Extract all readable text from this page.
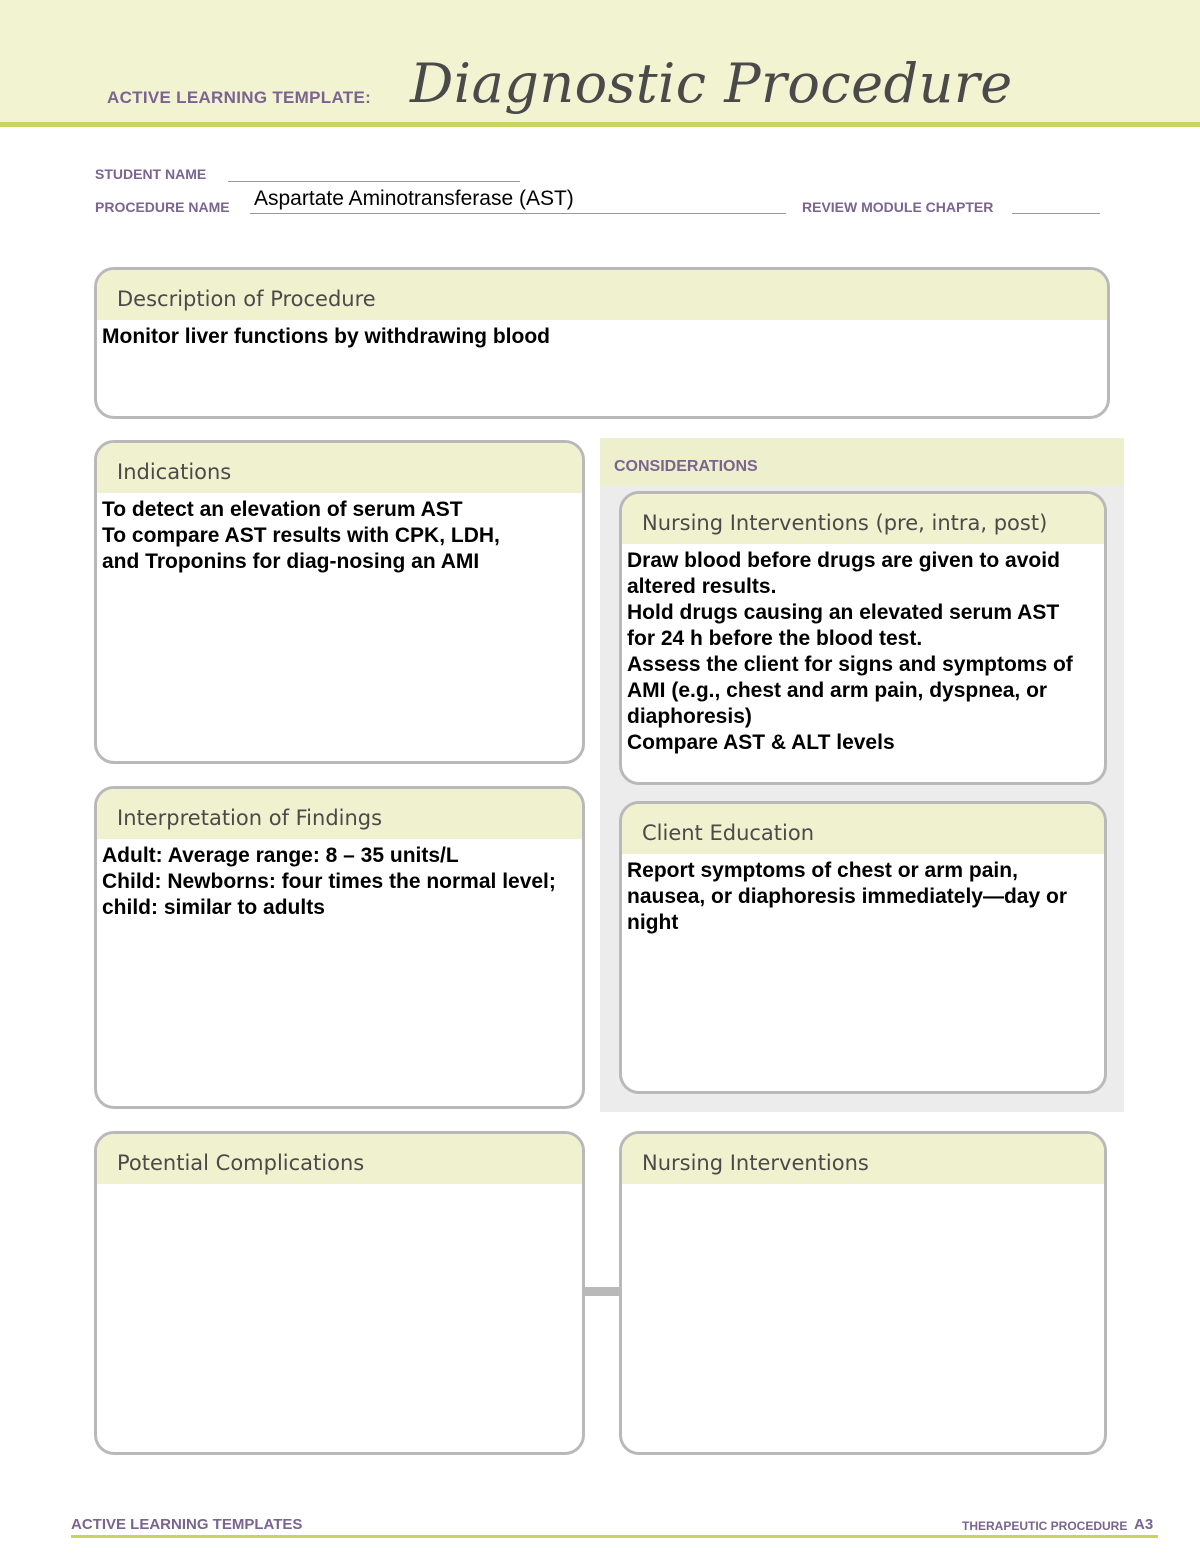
ACTIVE LEARNING TEMPLATE: Diagnostic Procedure
STUDENT NAME
PROCEDURE NAME Aspartate Aminotransferase (AST)	REVIEW MODULE CHAPTER
Description of Procedure
Monitor liver functions by withdrawing blood
CONSIDERATIONS
Indications
To detect an elevation of serum AST
To compare AST results with CPK, LDH,
and Troponins for diag-nosing an AMI
Interpretation of Findings
Adult: Average range: 8 – 35 units/L
Child: Newborns: four times the normal level;
child: similar to adults
Nursing Interventions (pre, intra, post)
Draw blood before drugs are given to avoid
altered results.
Hold drugs causing an elevated serum AST
for 24 h before the blood test.
Assess the client for signs and symptoms of
AMI (e.g., chest and arm pain, dyspnea, or
diaphoresis)
Compare AST & ALT levels
Client Education
Report symptoms of chest or arm pain,
nausea, or diaphoresis immediately—day or
night
Potential Complications	Nursing Interventions
ACTIVE LEARNING TEMPLATES	THERAPEUTIC PROCEDURE A3
